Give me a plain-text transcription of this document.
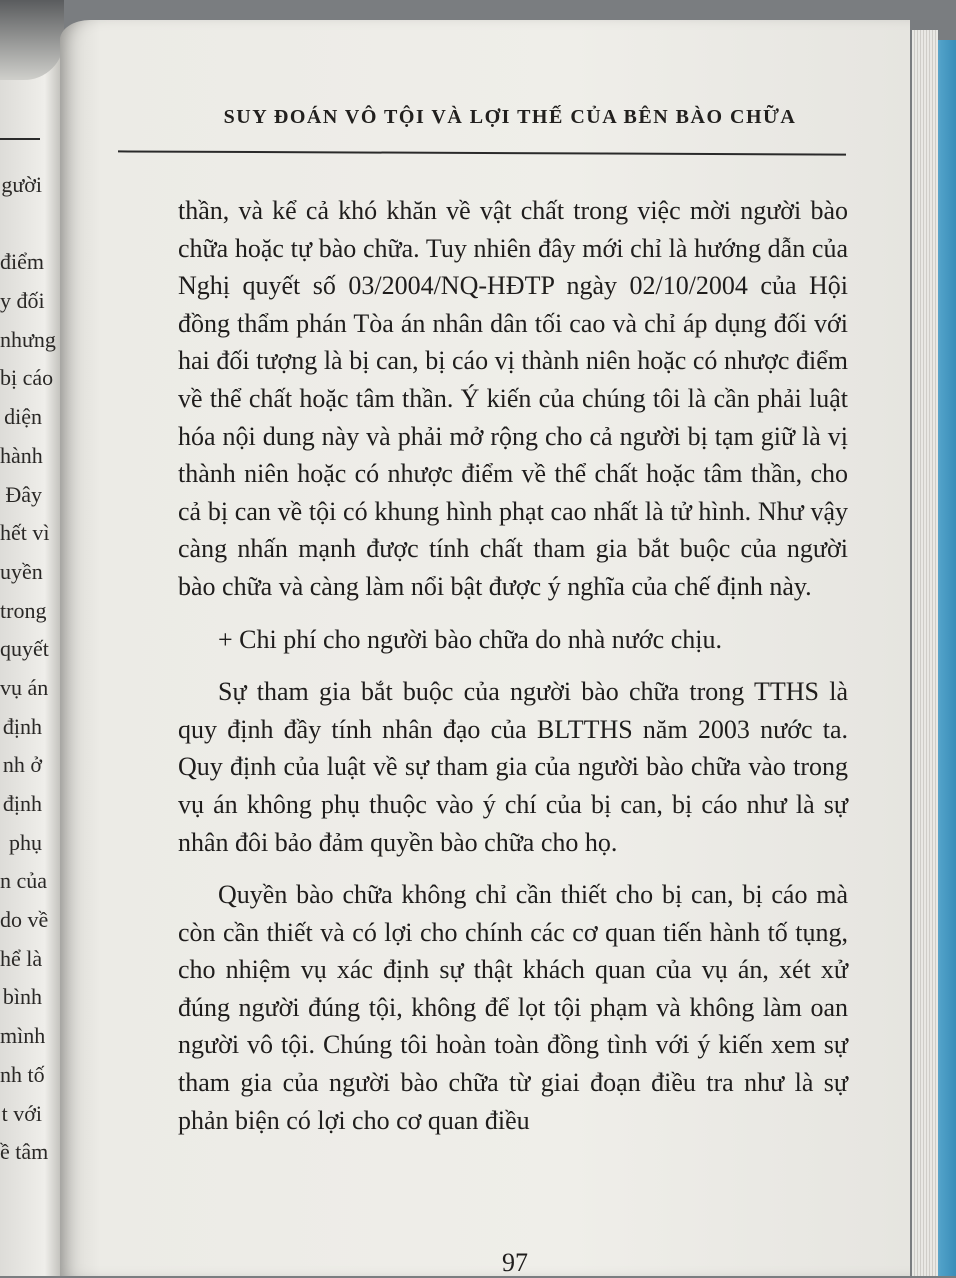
gười
điểm
y đối
nhưng
bị cáo
diện
hành
Đây
hết vì
uyền
trong
quyết
vụ án
định
nh ở
định
phụ
n của
do về
hể là
bình
mình
nh tố
t với
ề tâm
SUY ĐOÁN VÔ TỘI VÀ LỢI THẾ CỦA BÊN BÀO CHỮA

thần, và kể cả khó khăn về vật chất trong việc mời người bào chữa hoặc tự bào chữa. Tuy nhiên đây mới chỉ là hướng dẫn của Nghị quyết số 03/2004/NQ-HĐTP ngày 02/10/2004 của Hội đồng thẩm phán Tòa án nhân dân tối cao và chỉ áp dụng đối với hai đối tượng là bị can, bị cáo vị thành niên hoặc có nhược điểm về thể chất hoặc tâm thần. Ý kiến của chúng tôi là cần phải luật hóa nội dung này và phải mở rộng cho cả người bị tạm giữ là vị thành niên hoặc có nhược điểm về thể chất hoặc tâm thần, cho cả bị can về tội có khung hình phạt cao nhất là tử hình. Như vậy càng nhấn mạnh được tính chất tham gia bắt buộc của người bào chữa và càng làm nổi bật được ý nghĩa của chế định này.

+ Chi phí cho người bào chữa do nhà nước chịu.

Sự tham gia bắt buộc của người bào chữa trong TTHS là quy định đầy tính nhân đạo của BLTTHS năm 2003 nước ta. Quy định của luật về sự tham gia của người bào chữa vào trong vụ án không phụ thuộc vào ý chí của bị can, bị cáo như là sự nhân đôi bảo đảm quyền bào chữa cho họ.

Quyền bào chữa không chỉ cần thiết cho bị can, bị cáo mà còn cần thiết và có lợi cho chính các cơ quan tiến hành tố tụng, cho nhiệm vụ xác định sự thật khách quan của vụ án, xét xử đúng người đúng tội, không để lọt tội phạm và không làm oan người vô tội. Chúng tôi hoàn toàn đồng tình với ý kiến xem sự tham gia của người bào chữa từ giai đoạn điều tra như là sự phản biện có lợi cho cơ quan điều

97
